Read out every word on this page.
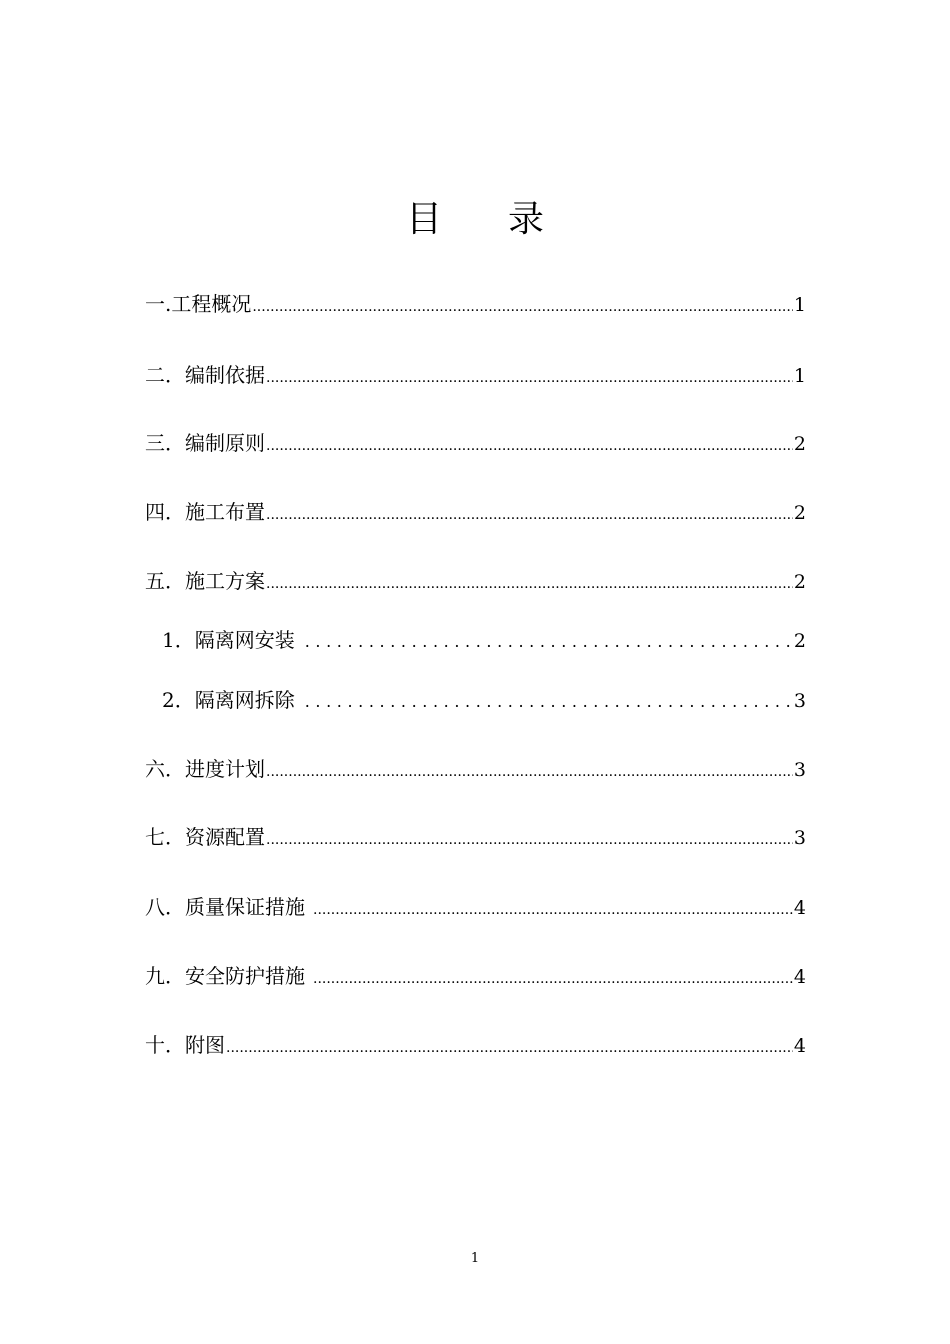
目 录
一. 工程概况 .....	1
二． 编制依据 .....	1
三． 编制原则 .....	2
四． 施工布置 .....	2
五． 施工方案 .....	2
1． 隔离网安装 .....	2
2． 隔离网拆除 .....	3
六． 进度计划 .....	3
七． 资源配置 .....	3
八． 质量保证措施 .....	4
九． 安全防护措施 .....	4
十． 附图 .....	4
1
